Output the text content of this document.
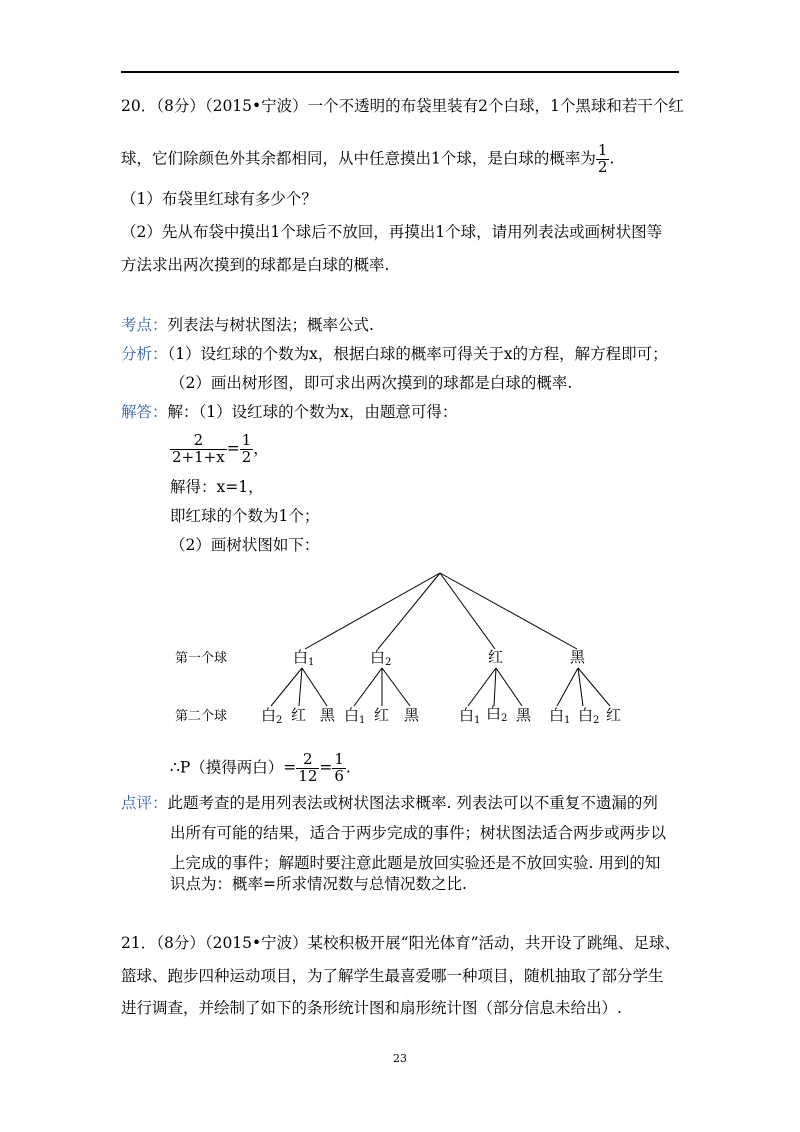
20．（8分）（2015•宁波）一个不透明的布袋里装有2个白球，1个黑球和若干个红
球，它们除颜色外其余都相同，从中任意摸出1个球，是白球的概率为 $\frac{1}{2}$ .
（1）布袋里红球有多少个？
（2）先从布袋中摸出1个球后不放回，再摸出1个球，请用列表法或画树状图等
方法求出两次摸到的球都是白球的概率.
考点：列表法与树状图法；概率公式.
分析：（1）设红球的个数为x，根据白球的概率可得关于x的方程，解方程即可；
（2）画出树形图，即可求出两次摸到的球都是白球的概率.
解答：解：（1）设红球的个数为x，由题意可得：
$\frac{2}{2+1+x} = \frac{1}{2}$ ，
解得：x=1，
即红球的个数为1个；
（2）画树状图如下：
第一个球
第二个球
白$_1$	白$_2$	红	黑
白$_2$ 红 黑 白$_1$ 红 黑	白$_1$ 白$_2$ 黑 白$_1$ 白$_2$ 红
∴P（摸得两白）= $\frac{2}{12} = \frac{1}{6}$ .
点评：此题考查的是用列表法或树状图法求概率. 列表法可以不重复不遗漏的列
出所有可能的结果，适合于两步完成的事件；树状图法适合两步或两步以
上完成的事件；解题时要注意此题是放回实验还是不放回实验. 用到的知
识点为：概率=所求情况数与总情况数之比.
21．（8分）（2015•宁波）某校积极开展“阳光体育”活动，共开设了跳绳、足球、
篮球、跑步四种运动项目，为了解学生最喜爱哪一种项目，随机抽取了部分学生
进行调查，并绘制了如下的条形统计图和扇形统计图（部分信息未给出）.
23
